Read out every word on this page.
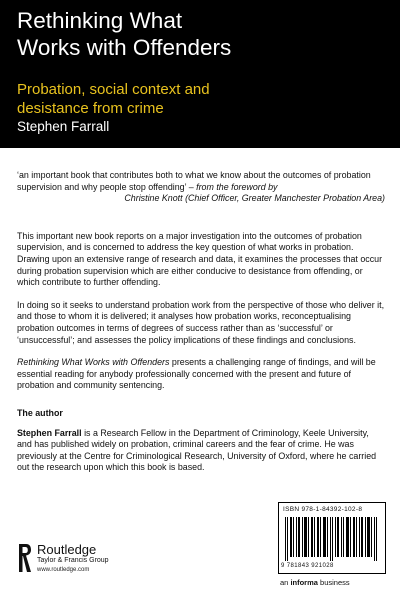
Rethinking What
Works with Offenders
Probation, social context and
desistance from crime
Stephen Farrall

‘an important book that contributes both to what we know about the outcomes of probation supervision and why people stop offending’ – from the foreword by

Christine Knott (Chief Officer, Greater Manchester Probation Area)

This important new book reports on a major investigation into the outcomes of probation supervision, and is concerned to address the key question of what works in probation. Drawing upon an extensive range of research and data, it examines the processes that occur during probation supervision which are either conducive to desistance from offending, or which contribute to further offending.

In doing so it seeks to understand probation work from the perspective of those who deliver it, and those to whom it is delivered; it analyses how probation works, reconceptualising probation outcomes in terms of degrees of success rather than as ‘successful’ or ‘unsuccessful’; and assesses the policy implications of these findings and conclusions.

Rethinking What Works with Offenders presents a challenging range of findings, and will be essential reading for anybody professionally concerned with the present and future of probation and community sentencing.

The author

Stephen Farrall is a Research Fellow in the Department of Criminology, Keele University, and has published widely on probation, criminal careers and the fear of crime. He was previously at the Centre for Criminological Research, University of Oxford, where he carried out the research upon which this book is based.

Routledge
Taylor & Francis Group
www.routledge.com
ISBN 978-1-84392-102-8
9 781843 921028
an informa business
